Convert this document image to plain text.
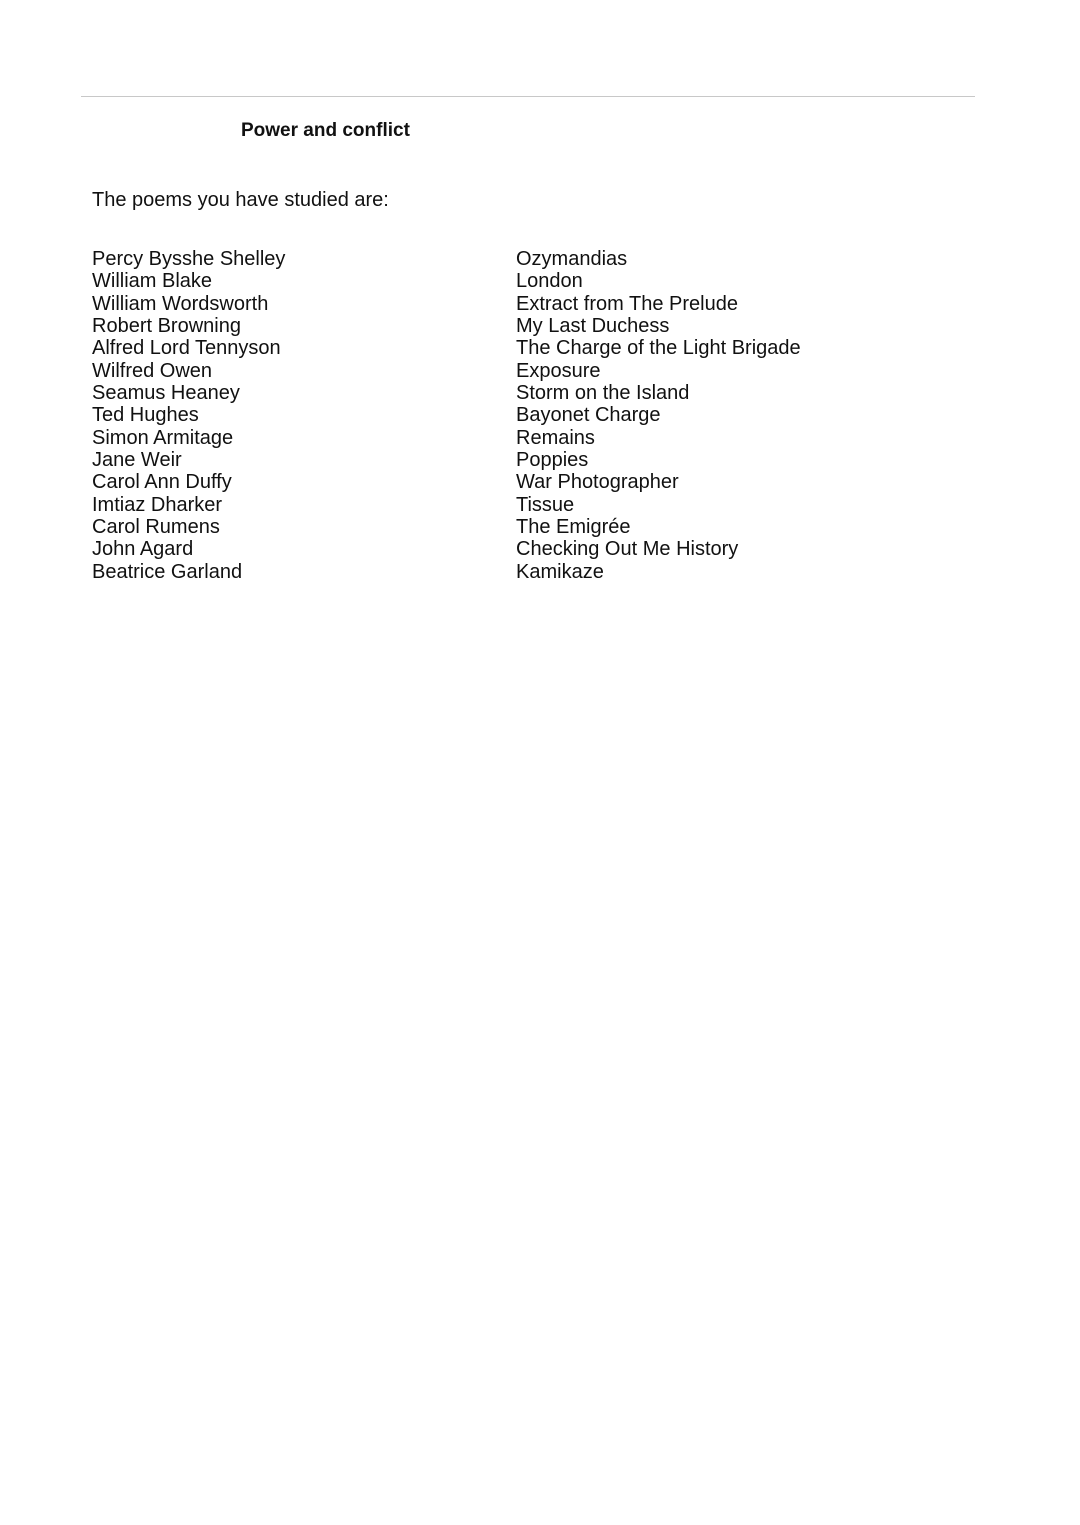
Power and conflict
The poems you have studied are:
Percy Bysshe Shelley	Ozymandias
William Blake	London
William Wordsworth	Extract from The Prelude
Robert Browning	My Last Duchess
Alfred Lord Tennyson	The Charge of the Light Brigade
Wilfred Owen	Exposure
Seamus Heaney	Storm on the Island
Ted Hughes	Bayonet Charge
Simon Armitage	Remains
Jane Weir	Poppies
Carol Ann Duffy	War Photographer
Imtiaz Dharker	Tissue
Carol Rumens	The Emigrée
John Agard	Checking Out Me History
Beatrice Garland	Kamikaze
